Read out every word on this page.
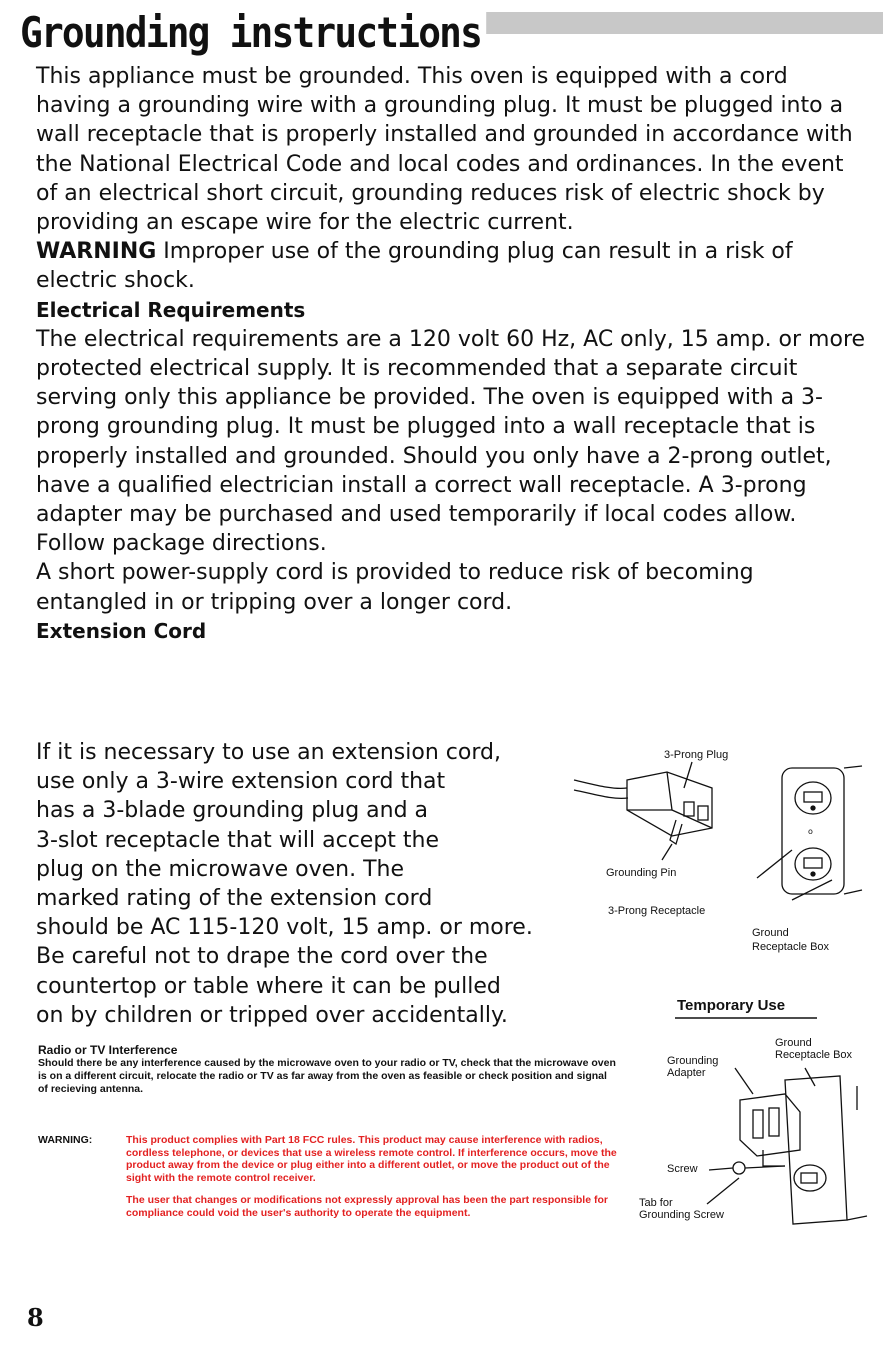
Grounding instructions

This appliance must be grounded. This oven is equipped with a cord having a grounding wire with a grounding plug. It must be plugged into a wall receptacle that is properly installed and grounded in accordance with the National Electrical Code and local codes and ordinances. In the event of an electrical short circuit, grounding reduces risk of electric shock by providing an escape wire for the electric current.

WARNING Improper use of the grounding plug can result in a risk of electric shock.

Electrical Requirements

The electrical requirements are a 120 volt 60 Hz, AC only, 15 amp. or more protected electrical supply. It is recommended that a separate circuit serving only this appliance be provided. The oven is equipped with a 3-prong grounding plug. It must be plugged into a wall receptacle that is properly installed and grounded. Should you only have a 2-prong outlet, have a qualified electrician install a correct wall receptacle. A 3-prong adapter may be purchased and used temporarily if local codes allow.

Follow package directions.

A short power-supply cord is provided to reduce risk of becoming entangled in or tripping over a longer cord.

Extension Cord

If it is necessary to use an extension cord,

use only a 3-wire extension cord that

has a 3-blade grounding plug and a

3-slot receptacle that will accept the

plug on the microwave oven. The

marked rating of the extension cord

should be AC 115-120 volt, 15 amp. or more.

Be careful not to drape the cord over the

countertop or table where it can be pulled

on by children or tripped over accidentally.

o
3-Prong Plug
Grounding Pin
3-Prong Receptacle
Ground
Receptacle Box
Temporary Use
Ground
Receptacle Box
Grounding
Adapter
Screw
Tab for
Grounding Screw

Radio or TV Interference

Should there be any interference caused by the microwave oven to your radio or TV, check that the microwave oven is on a different circuit, relocate the radio or TV as far away from the oven as feasible or check position and signal of recieving antenna.

WARNING:	This product complies with Part 18 FCC rules. This product may cause interference with radios, cordless telephone, or devices that use a wireless remote control. If interference occurs, move the product away from the device or plug either into a different outlet, or move the product out of the sight with the remote control receiver.

The user that changes or modifications not expressly approval has been the part responsible for compliance could void the user's authority to operate the equipment.

8
